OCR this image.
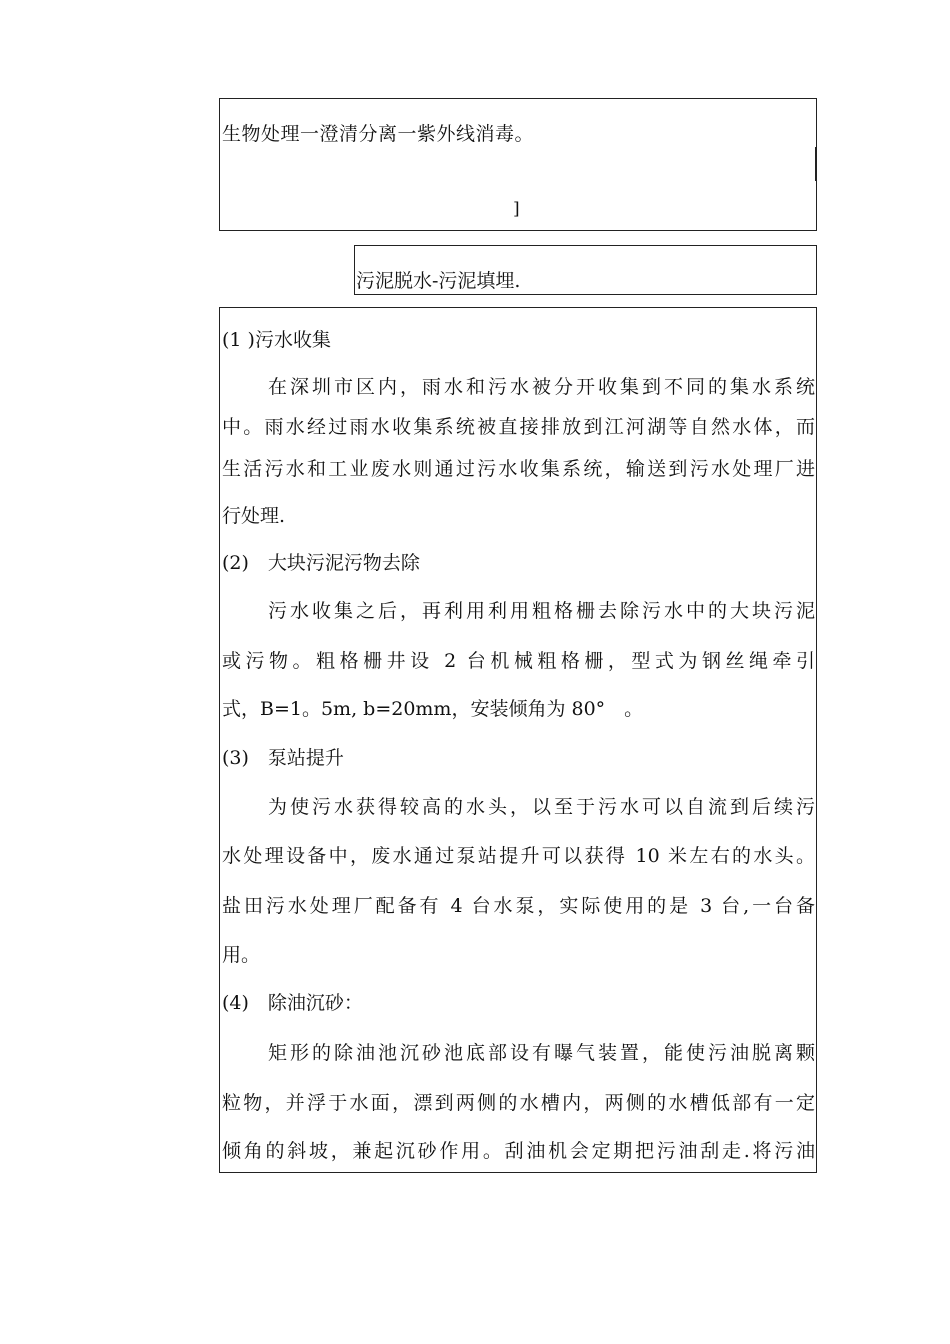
生物处理一澄清分离一紫外线消毒。
]
污泥脱水-污泥填埋.
(1 )污水收集
在深圳市区内，雨水和污水被分开收集到不同的集水系统
中。雨水经过雨水收集系统被直接排放到江河湖等自然水体，而
生活污水和工业废水则通过污水收集系统，输送到污水处理厂进
行处理.
(2)　大块污泥污物去除
污水收集之后，再利用利用粗格栅去除污水中的大块污泥
或污物。粗格栅井设 2 台机械粗格栅，型式为钢丝绳牵引
式，B=1。5m, b=20mm，安装倾角为 80°　。
(3)　泵站提升
为使污水获得较高的水头，以至于污水可以自流到后续污
水处理设备中，废水通过泵站提升可以获得 10 米左右的水头。
盐田污水处理厂配备有 4 台水泵，实际使用的是 3 台,一台备
用。
(4)　除油沉砂：
矩形的除油池沉砂池底部设有曝气装置，能使污油脱离颗
粒物，并浮于水面，漂到两侧的水槽内，两侧的水槽低部有一定
倾角的斜坡，兼起沉砂作用。刮油机会定期把污油刮走.将污油
